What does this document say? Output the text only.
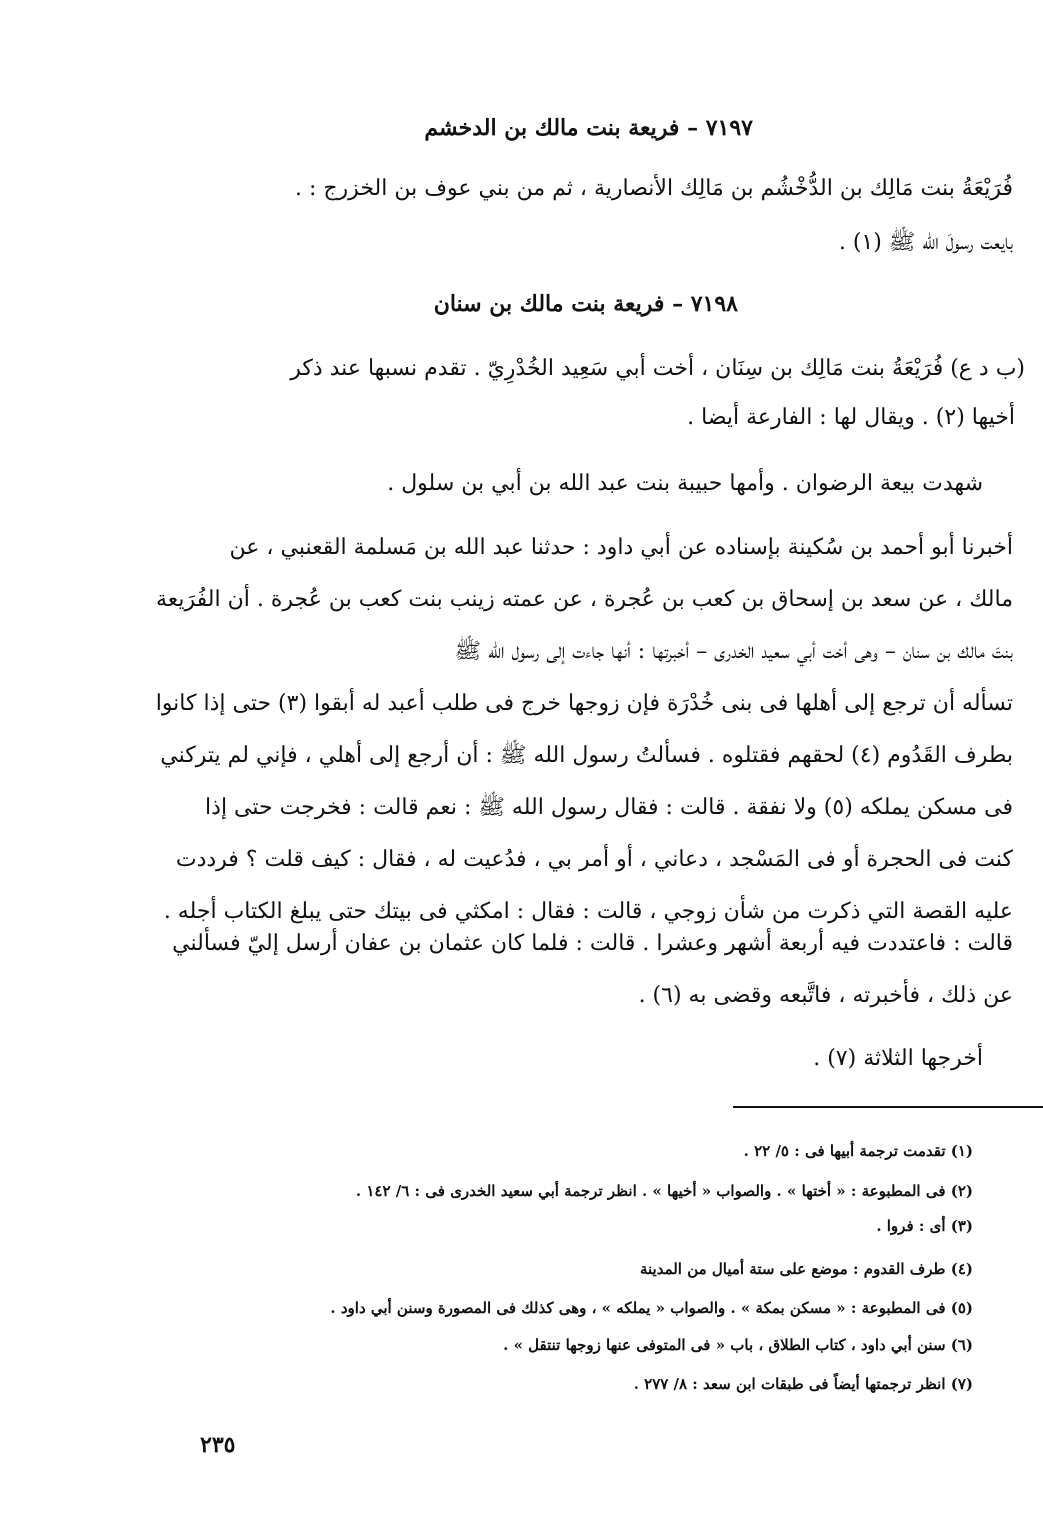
٧١٩٧ – فريعة بنت مالك بن الدخشم

فُرَيْعَةُ بنت مَالِك بن الدُّخْشُم بن مَالِك الأنصارية ، ثم من بني عوف بن الخزرج : .

بايعت رسولَ الله ﷺ (١) .

٧١٩٨ – فريعة بنت مالك بن سنان

(ب د ع) فُرَيْعَةُ بنت مَالِك بن سِنَان ، أخت أبي سَعِيد الخُدْرِيّ . تقدم نسبها عند ذكر

أخيها (٢) . ويقال لها : الفارعة أيضا .

شهدت بيعة الرضوان . وأمها حبيبة بنت عبد الله بن أبي بن سلول .

أخبرنا أبو أحمد بن سُكينة بإسناده عن أبي داود : حدثنا عبد الله بن مَسلمة القعنبي ، عن

مالك ، عن سعد بن إسحاق بن كعب بن عُجرة ، عن عمته زينب بنت كعب بن عُجرة . أن الفُرَيعة

بنتَ مالك بن سنان – وهى أخت أبي سعيد الخدرى – أخبرتها : أنها جاءت إلى رسول الله ﷺ

تسأله أن ترجع إلى أهلها فى بنى خُدْرَة فإن زوجها خرج فى طلب أعبد له أبقوا (٣) حتى إذا كانوا

بطرف القَدُوم (٤) لحقهم فقتلوه . فسألتُ رسول الله ﷺ : أن أرجع إلى أهلي ، فإني لم يتركني

فى مسكن يملكه (٥) ولا نفقة . قالت : فقال رسول الله ﷺ : نعم قالت : فخرجت حتى إذا

كنت فى الحجرة أو فى المَسْجد ، دعاني ، أو أمر بي ، فدُعيت له ، فقال : كيف قلت ؟ فرددت

عليه القصة التي ذكرت من شأن زوجي ، قالت : فقال : امكثي فى بيتك حتى يبلغ الكتاب أجله .

قالت : فاعتددت فيه أربعة أشهر وعشرا . قالت : فلما كان عثمان بن عفان أرسل إليّ فسألني

عن ذلك ، فأخبرته ، فاتَّبعه وقضى به (٦) .

أخرجها الثلاثة (٧) .

(١) تقدمت ترجمة أبيها فى : ٥/ ٢٢ .

(٢) فى المطبوعة : « أختها » . والصواب « أخيها » . انظر ترجمة أبي سعيد الخدرى فى : ٦/ ١٤٢ .

(٣) أى : فروا .

(٤) طرف القدوم : موضع على ستة أميال من المدينة

(٥) فى المطبوعة : « مسكن بمكة » . والصواب « يملكه » ، وهى كذلك فى المصورة وسنن أبي داود .

(٦) سنن أبي داود ، كتاب الطلاق ، باب « فى المتوفى عنها زوجها تنتقل » .

(٧) انظر ترجمتها أيضاً فى طبقات ابن سعد : ٨/ ٢٧٧ .

٢٣٥
